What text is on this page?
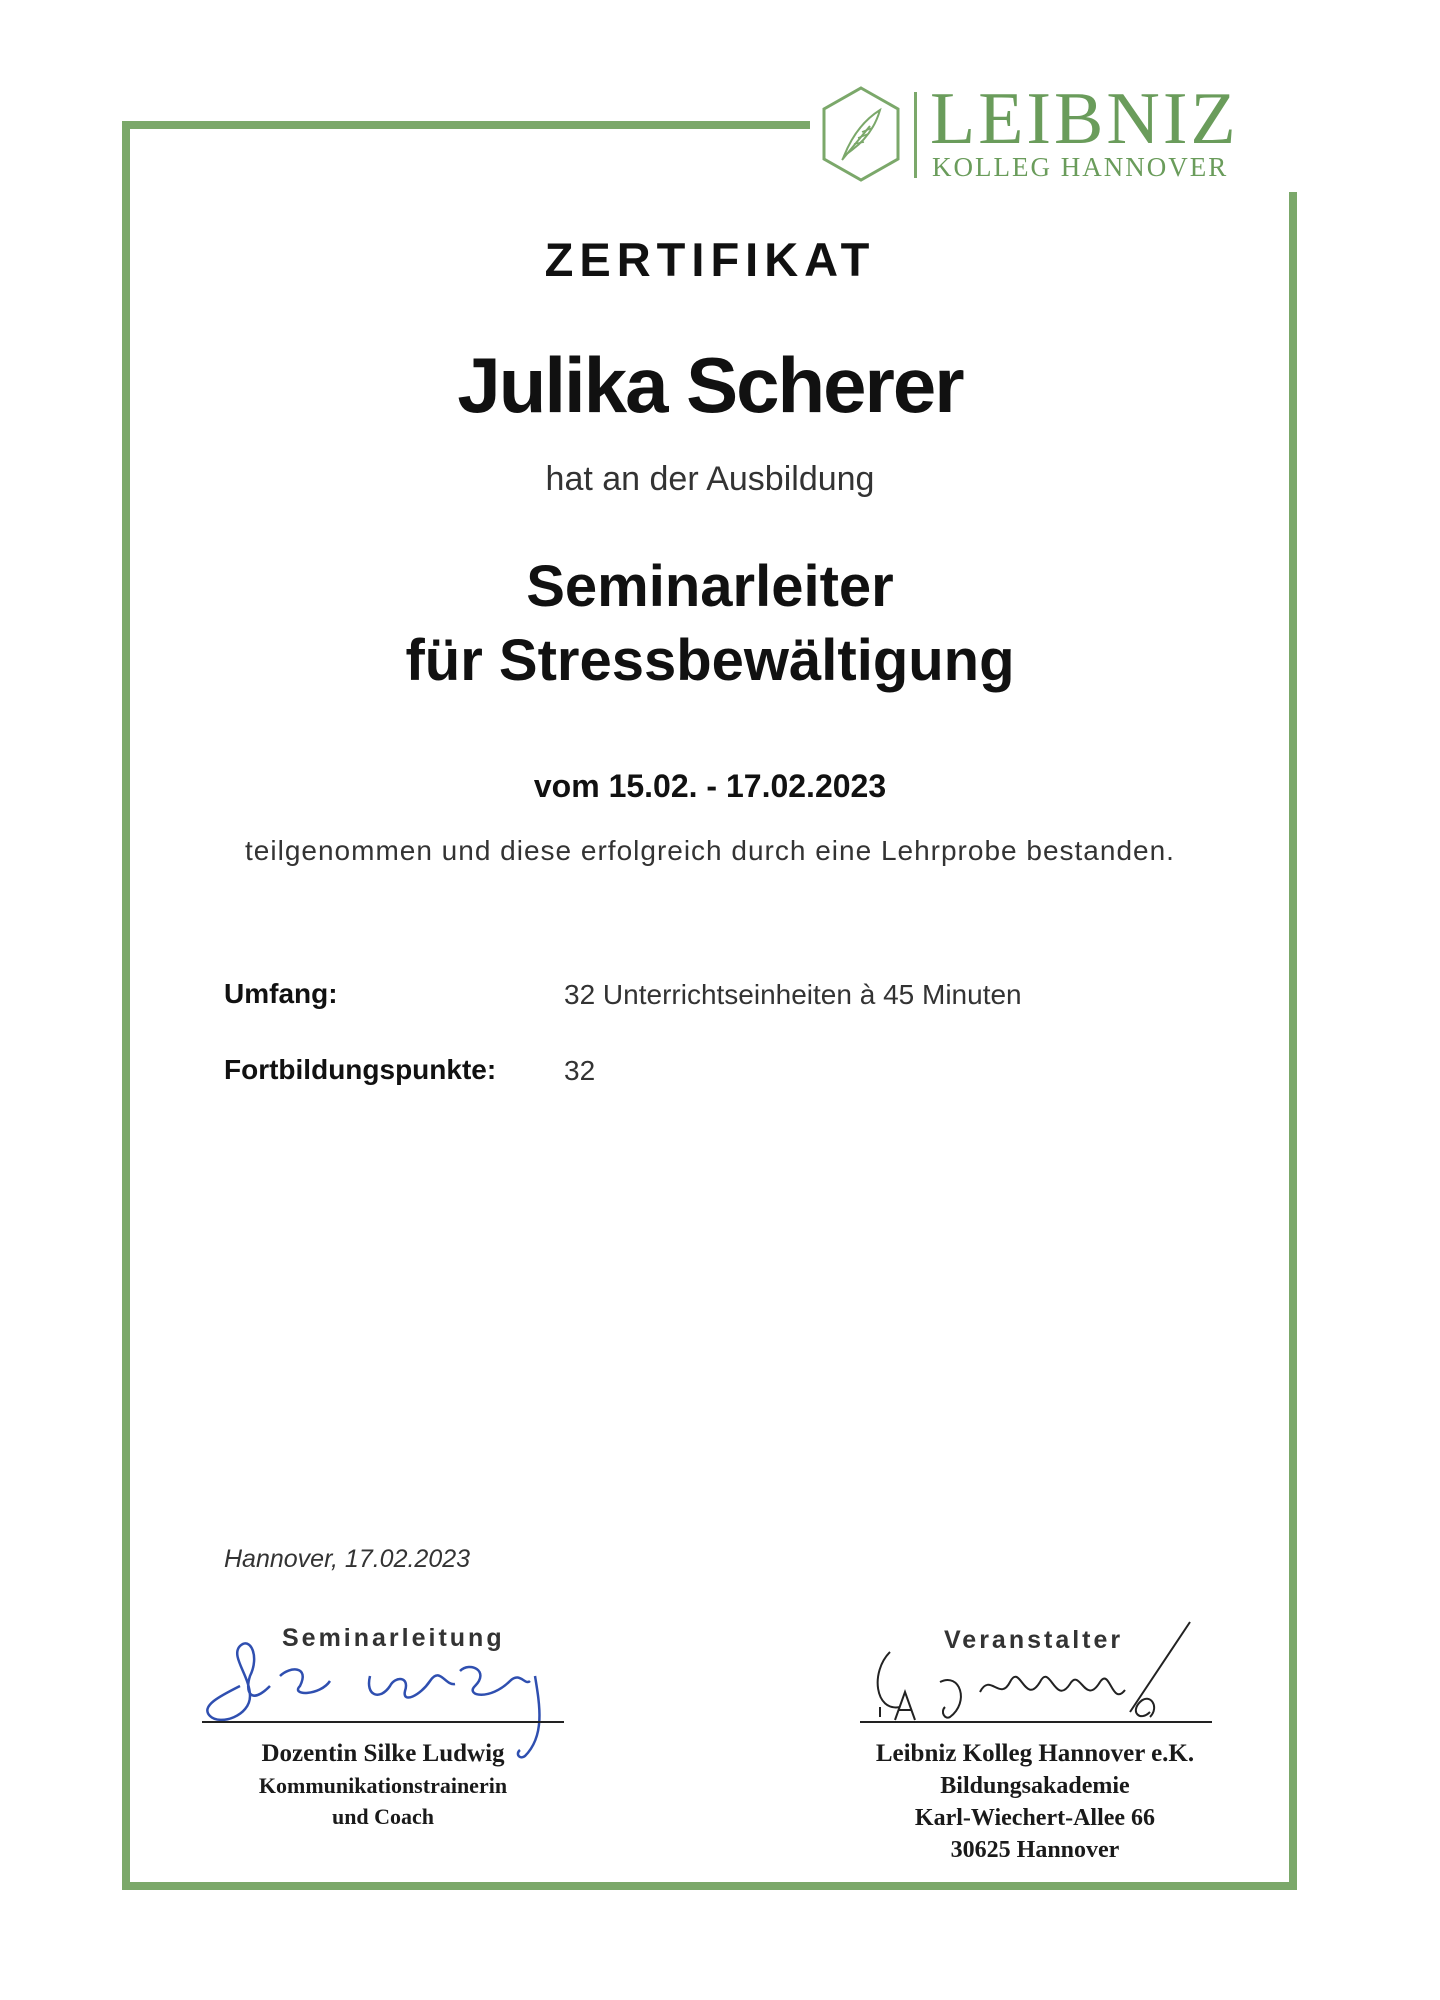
LEIBNIZ
KOLLEG HANNOVER
ZERTIFIKAT
Julika Scherer
hat an der Ausbildung
Seminarleiter
für Stressbewältigung
vom 15.02. - 17.02.2023
teilgenommen und diese erfolgreich durch eine Lehrprobe bestanden.
Umfang:	32 Unterrichtseinheiten à 45 Minuten
Fortbildungspunkte: 32
Hannover, 17.02.2023
Seminarleitung
Dozentin Silke Ludwig
Kommunikationstrainerin
und Coach
Veranstalter
Leibniz Kolleg Hannover e.K.
Bildungsakademie
Karl-Wiechert-Allee 66
30625 Hannover
